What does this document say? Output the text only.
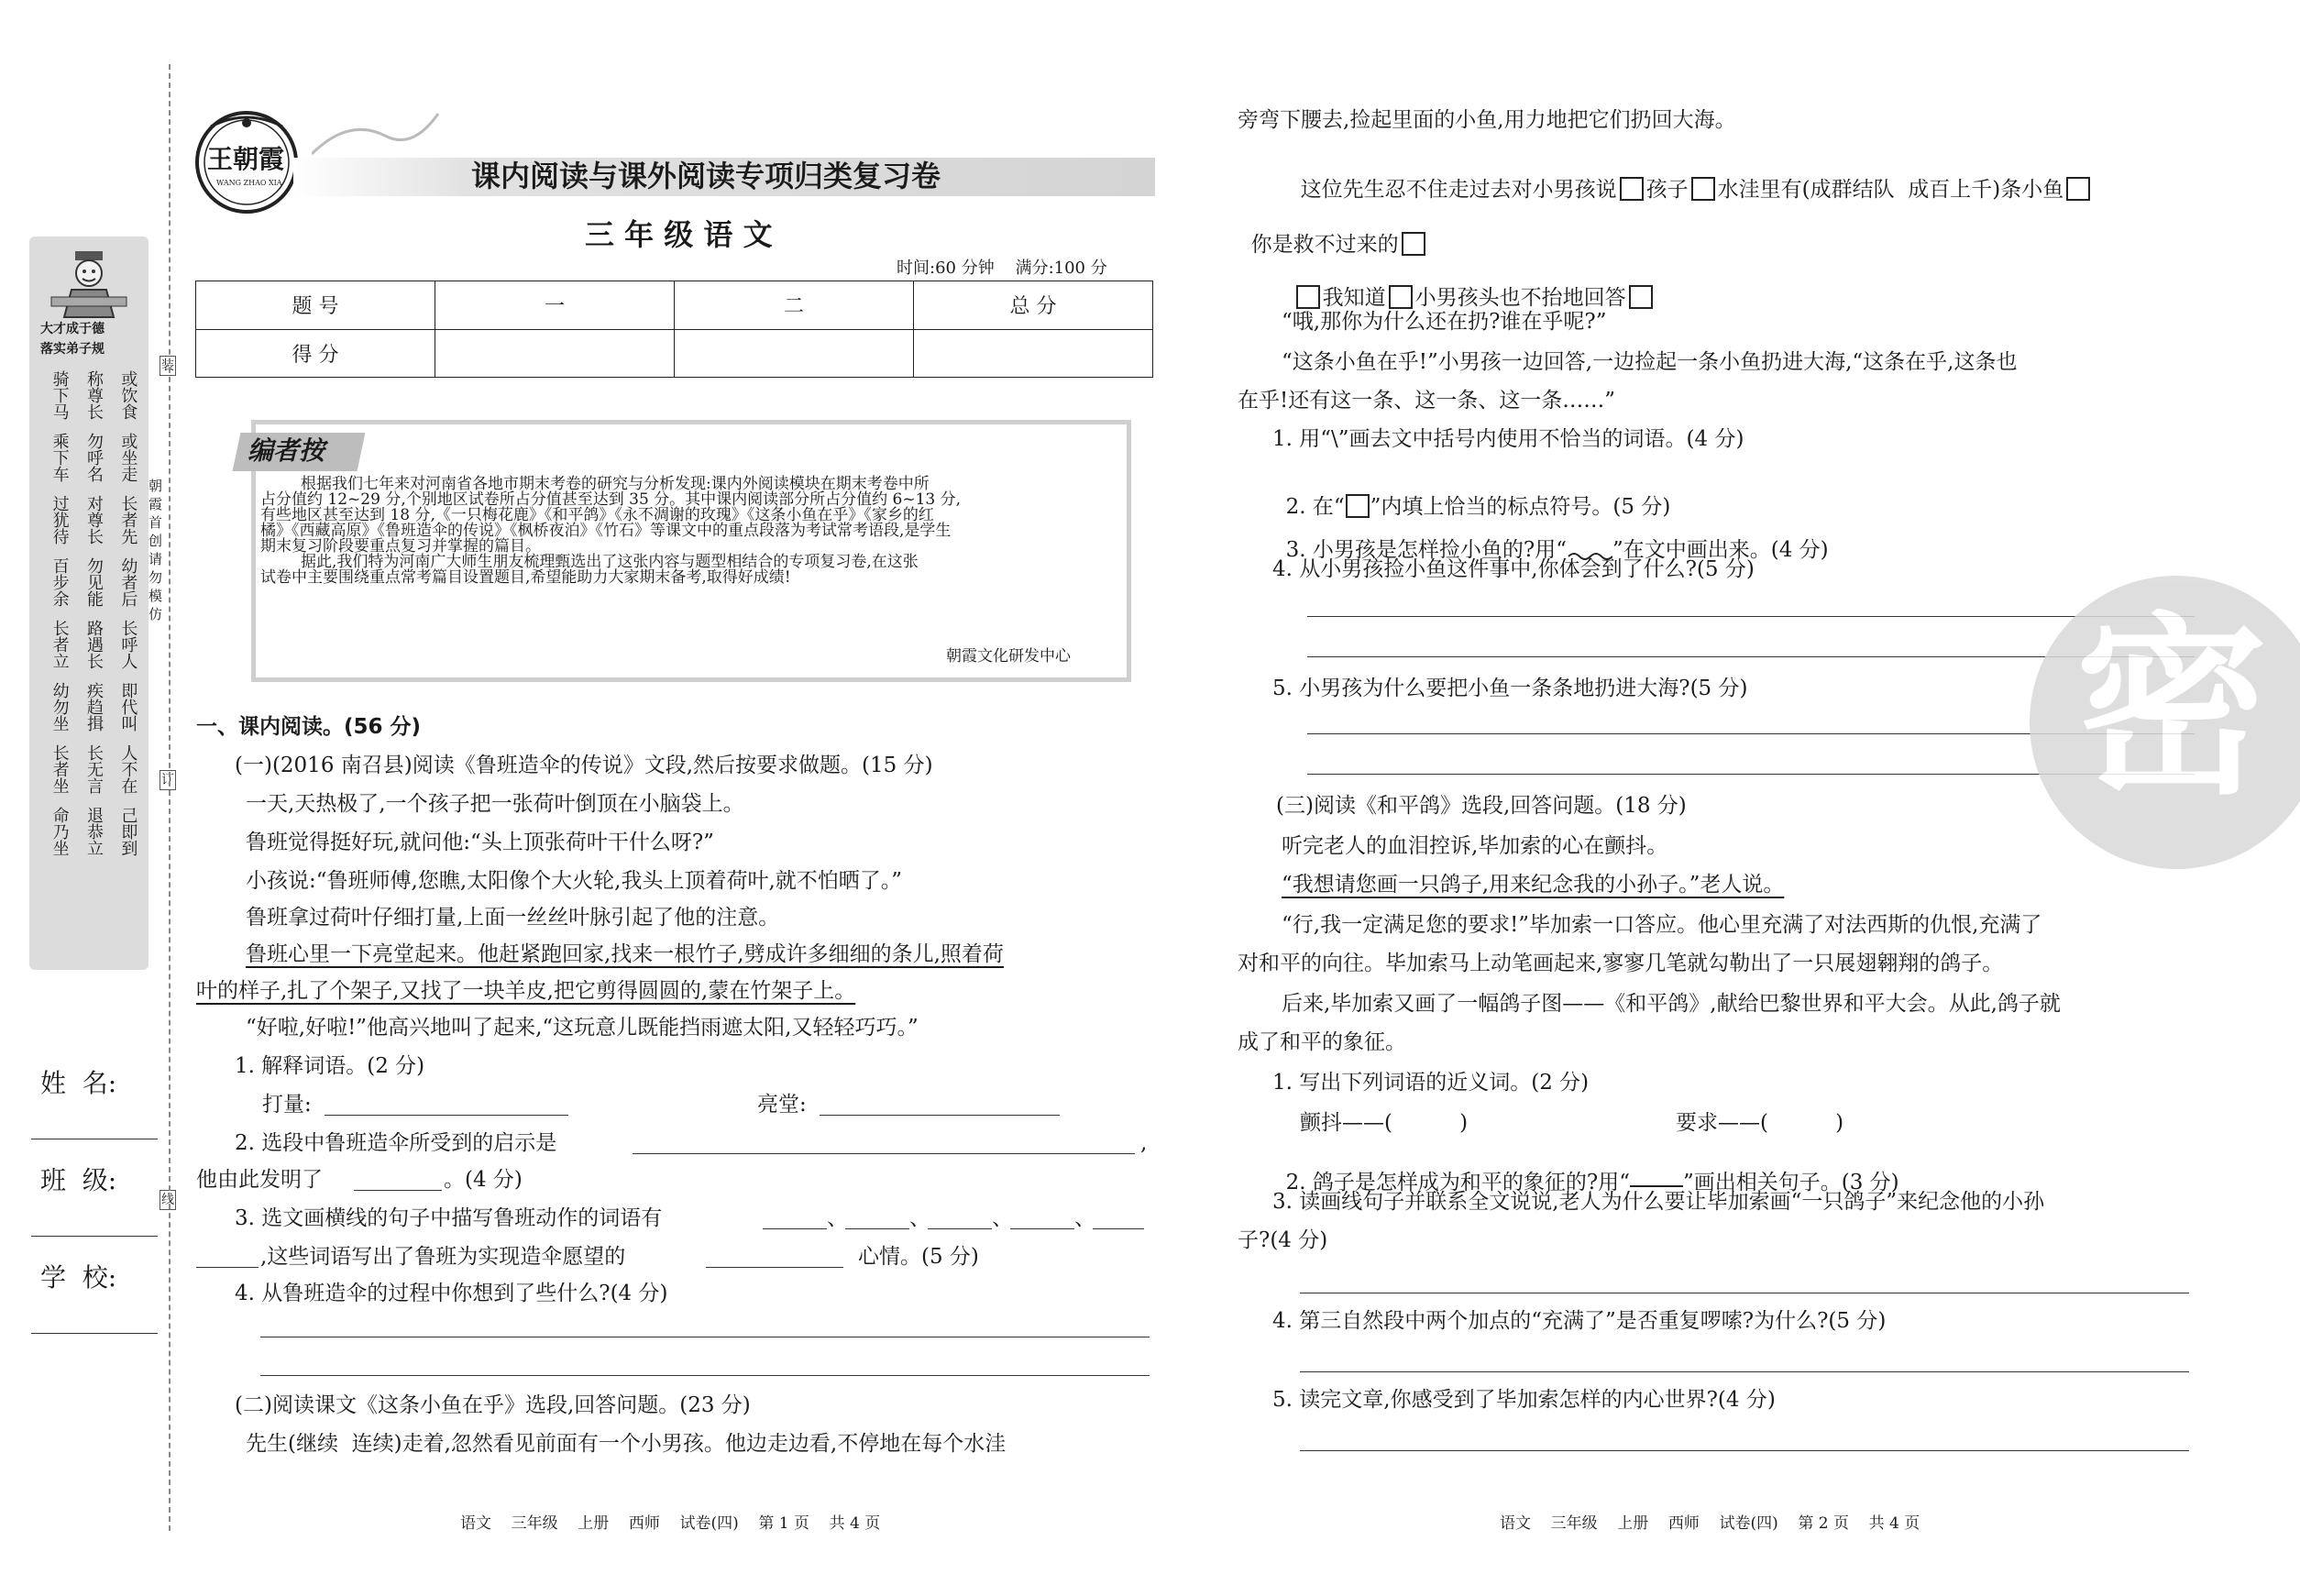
大才成于德
落实弟子规
骑下马 称尊长 或饮食
乘下车 勿呼名 或坐走
过犹待 对尊长 长者先
百步余 勿见能 幼者后
长者立 路遇长 长呼人
幼勿坐 疾趋揖 即代叫
长者坐 长无言 人不在
命乃坐 退恭立 己即到
朝
霞
首
创
请
勿
模
仿
装
订
线
姓  名:
班  级:
学  校:
王朝霞
WANG ZHAO XIA	课内阅读与课外阅读专项归类复习卷
三 年 级 语 文
时间:60 分钟    满分:100 分
题 号	一	二	总 分
得 分			
编者按
根据我们七年来对河南省各地市期末考卷的研究与分析发现:课内外阅读模块在期末考卷中所
占分值约 12~29 分,个别地区试卷所占分值甚至达到 35 分。其中课内阅读部分所占分值约 6~13 分,
有些地区甚至达到 18 分,《一只梅花鹿》《和平鸽》《永不凋谢的玫瑰》《这条小鱼在乎》《家乡的红
橘》《西藏高原》《鲁班造伞的传说》《枫桥夜泊》《竹石》等课文中的重点段落为考试常考语段,是学生
期末复习阶段要重点复习并掌握的篇目。
据此,我们特为河南广大师生朋友梳理甄选出了这张内容与题型相结合的专项复习卷,在这张
试卷中主要围绕重点常考篇目设置题目,希望能助力大家期末备考,取得好成绩!
朝霞文化研发中心
一、课内阅读。(56 分)
(一)(2016 南召县)阅读《鲁班造伞的传说》文段,然后按要求做题。(15 分)
一天,天热极了,一个孩子把一张荷叶倒顶在小脑袋上。
鲁班觉得挺好玩,就问他:“头上顶张荷叶干什么呀?”
小孩说:“鲁班师傅,您瞧,太阳像个大火轮,我头上顶着荷叶,就不怕晒了。”
鲁班拿过荷叶仔细打量,上面一丝丝叶脉引起了他的注意。
鲁班心里一下亮堂起来。他赶紧跑回家,找来一根竹子,劈成许多细细的条儿,照着荷
叶的样子,扎了个架子,又找了一块羊皮,把它剪得圆圆的,蒙在竹架子上。
“好啦,好啦!”他高兴地叫了起来,“这玩意儿既能挡雨遮太阳,又轻轻巧巧。”
1. 解释词语。(2 分)
打量:	亮堂:
2. 选段中鲁班造伞所受到的启示是	,
他由此发明了	。(4 分)
3. 选文画横线的句子中描写鲁班动作的词语有	、	、	、	、
,这些词语写出了鲁班为实现造伞愿望的	心情。(5 分)
4. 从鲁班造伞的过程中你想到了些什么?(4 分)
(二)阅读课文《这条小鱼在乎》选段,回答问题。(23 分)
先生(继续  连续)走着,忽然看见前面有一个小男孩。他边走边看,不停地在每个水洼
语文    三年级    上册    西师    试卷(四)    第 1 页    共 4 页
旁弯下腰去,捡起里面的小鱼,用力地把它们扔回大海。

这位先生忍不住走过去对小男孩说 孩子 水洼里有(成群结队  成百上千)条小鱼

你是救不过来的

我知道 小男孩头也不抬地回答

“哦,那你为什么还在扔?谁在乎呢?”
“这条小鱼在乎!”小男孩一边回答,一边捡起一条小鱼扔进大海,“这条在乎,这条也
在乎!还有这一条、这一条、这一条……”
1. 用“\”画去文中括号内使用不恰当的词语。(4 分)

2. 在“ ”内填上恰当的标点符号。(5 分)

3. 小男孩是怎样捡小鱼的?用“ ”在文中画出来。(4 分)

4. 从小男孩捡小鱼这件事中,你体会到了什么?(5 分)
5. 小男孩为什么要把小鱼一条条地扔进大海?(5 分)
(三)阅读《和平鸽》选段,回答问题。(18 分)
听完老人的血泪控诉,毕加索的心在颤抖。
“我想请您画一只鸽子,用来纪念我的小孙子。”老人说。
“行,我一定满足您的要求!”毕加索一口答应。他心里充满了对法西斯的仇恨,充满了
对和平的向往。毕加索马上动笔画起来,寥寥几笔就勾勒出了一只展翅翱翔的鸽子。
后来,毕加索又画了一幅鸽子图——《和平鸽》,献给巴黎世界和平大会。从此,鸽子就
成了和平的象征。
1. 写出下列词语的近义词。(2 分)
颤抖——(          )	要求——(          )

2. 鸽子是怎样成为和平的象征的?用“	”画出相关句子。(3 分)

3. 读画线句子并联系全文说说,老人为什么要让毕加索画“一只鸽子”来纪念他的小孙
子?(4 分)
4. 第三自然段中两个加点的“充满了”是否重复啰嗦?为什么?(5 分)
5. 读完文章,你感受到了毕加索怎样的内心世界?(4 分)
语文    三年级    上册    西师    试卷(四)    第 2 页    共 4 页
密
